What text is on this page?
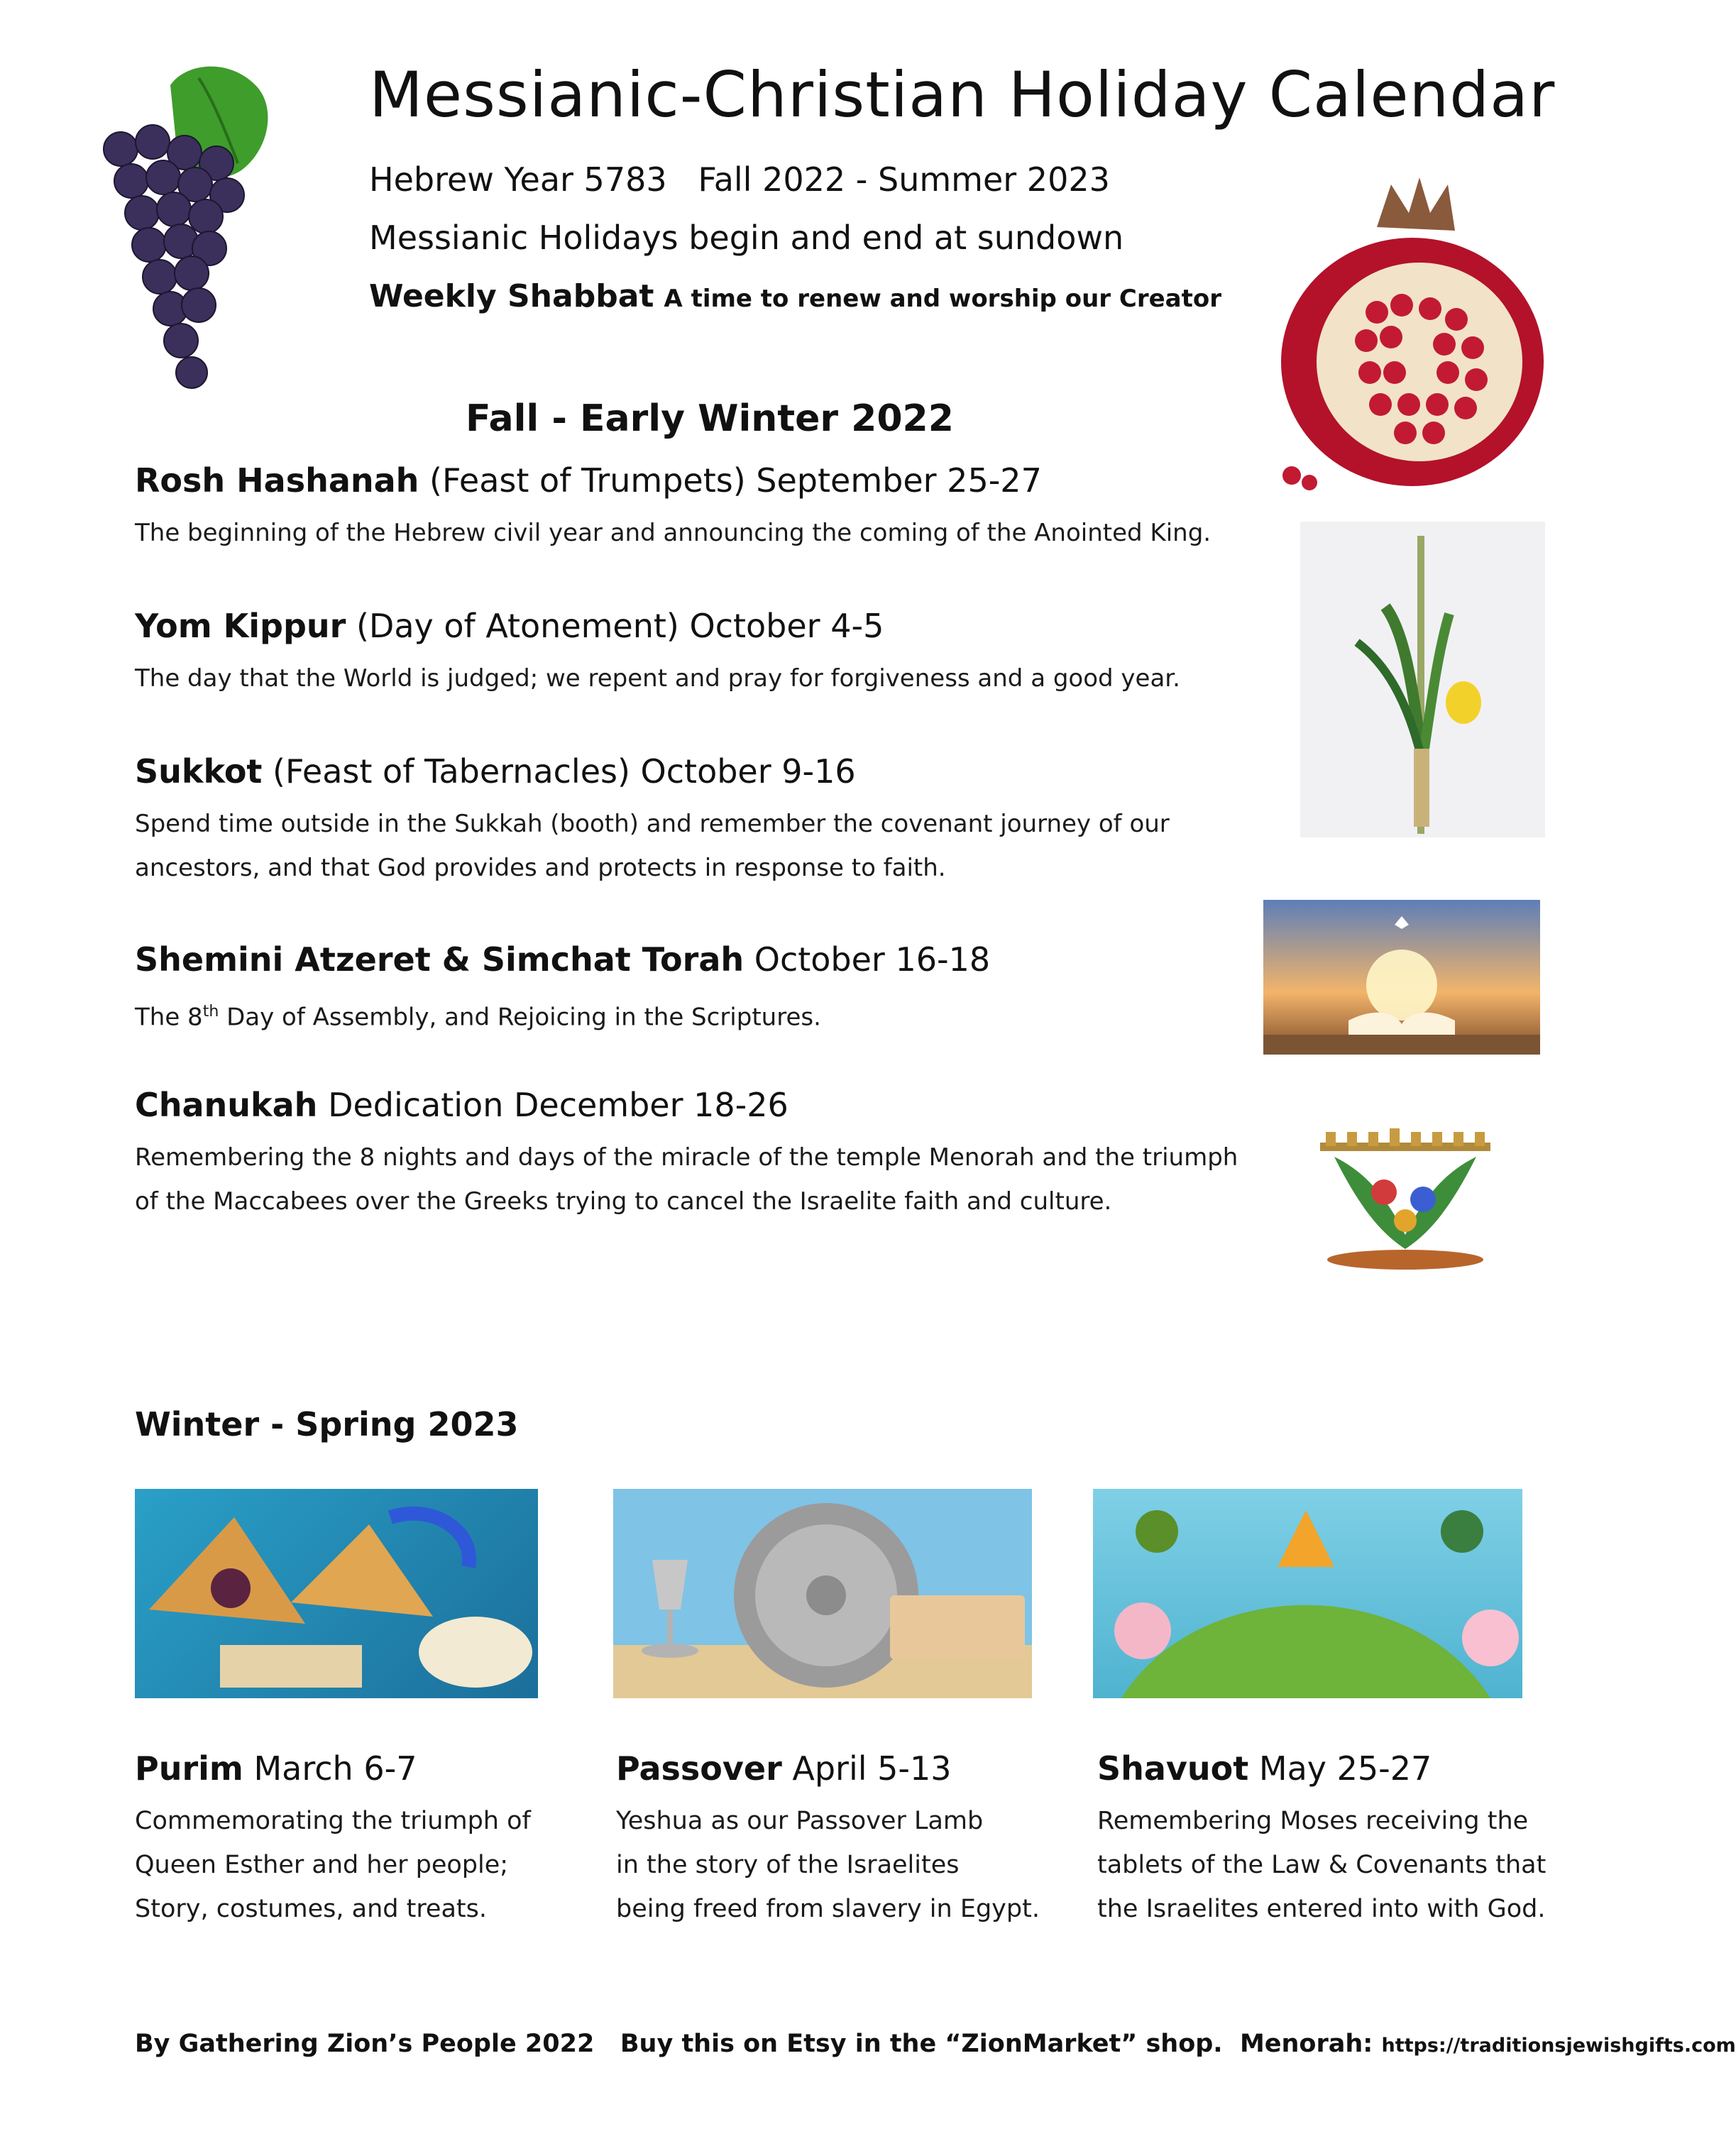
Messianic-Christian Holiday Calendar
Hebrew Year 5783   Fall 2022 - Summer 2023
Messianic Holidays begin and end at sundown
Weekly Shabbat A time to renew and worship our Creator
Fall - Early Winter 2022
Rosh Hashanah (Feast of Trumpets) September 25-27
The beginning of the Hebrew civil year and announcing the coming of the Anointed King.
Yom Kippur (Day of Atonement) October 4-5
The day that the World is judged; we repent and pray for forgiveness and a good year.
Sukkot (Feast of Tabernacles) October 9-16
Spend time outside in the Sukkah (booth) and remember the covenant journey of our
ancestors, and that God provides and protects in response to faith.
Shemini Atzeret & Simchat Torah October 16-18
The 8th Day of Assembly, and Rejoicing in the Scriptures.
Chanukah Dedication December 18-26
Remembering the 8 nights and days of the miracle of the temple Menorah and the triumph
of the Maccabees over the Greeks trying to cancel the Israelite faith and culture.
Winter - Spring 2023
Purim March 6-7
Commemorating the triumph of
Queen Esther and her people;
Story, costumes, and treats.
Passover April 5-13
Yeshua as our Passover Lamb
in the story of the Israelites
being freed from slavery in Egypt.
Shavuot May 25-27
Remembering Moses receiving the
tablets of the Law & Covenants that
the Israelites entered into with God.
By Gathering Zion’s People 2022   Buy this on Etsy in the “ZionMarket” shop.  Menorah: https://traditionsjewishgifts.com
